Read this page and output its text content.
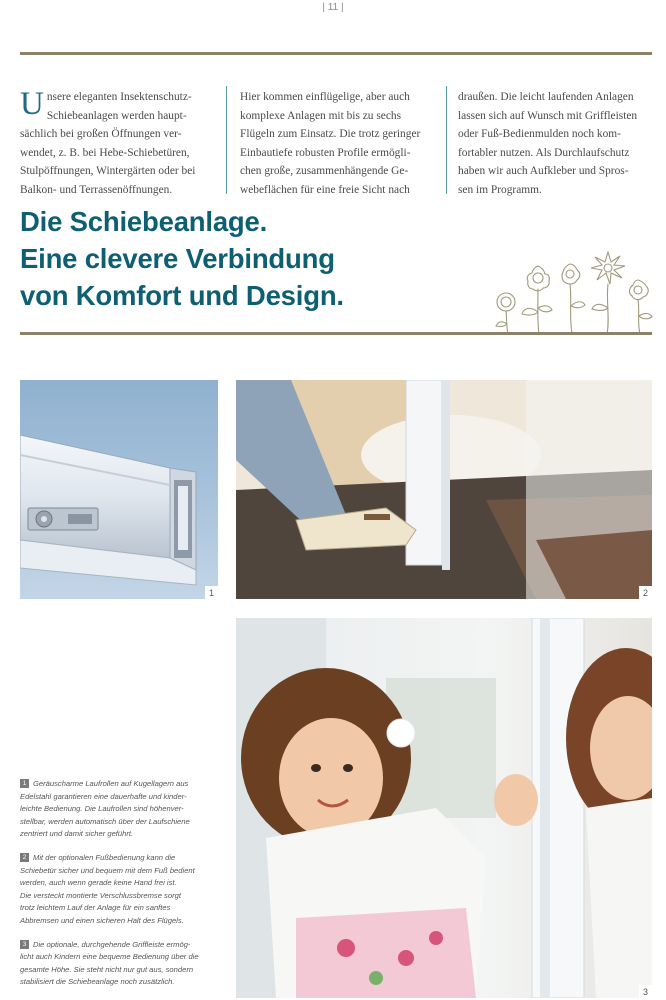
| 11 |
Unsere eleganten Insektenschutz-
Schiebeanlagen werden haupt-
sächlich bei großen Öffnungen ver-
wendet, z. B. bei Hebe-Schiebetüren,
Stulpöffnungen, Wintergärten oder bei
Balkon- und Terrassenöffnungen.
Hier kommen einflügelige, aber auch
komplexe Anlagen mit bis zu sechs
Flügeln zum Einsatz. Die trotz geringer
Einbautiefe robusten Profile ermögli-
chen große, zusammenhängende Ge-
webeflächen für eine freie Sicht nach
draußen. Die leicht laufenden Anlagen
lassen sich auf Wunsch mit Griffleisten
oder Fuß-Bedienmulden noch kom-
fortabler nutzen. Als Durchlaufschutz
haben wir auch Aufkleber und Spros-
sen im Programm.
Die Schiebeanlage.
Eine clevere Verbindung
von Komfort und Design.
1	2
3
1 Geräuscharme Laufrollen auf Kugellagern aus
Edelstahl garantieren eine dauerhafte und kinder-
leichte Bedienung. Die Laufrollen sind höhenver-
stellbar, werden automatisch über der Laufschiene
zentriert und damit sicher geführt.
2 Mit der optionalen Fußbedienung kann die
Schiebetür sicher und bequem mit dem Fuß bedient
werden, auch wenn gerade keine Hand frei ist.
Die versteckt montierte Verschlussbremse sorgt
trotz leichtem Lauf der Anlage für ein sanftes
Abbremsen und einen sicheren Halt des Flügels.
3 Die optionale, durchgehende Griffleiste ermög-
licht auch Kindern eine bequeme Bedienung über die
gesamte Höhe. Sie steht nicht nur gut aus, sondern
stabilisiert die Schiebeanlage noch zusätzlich.
